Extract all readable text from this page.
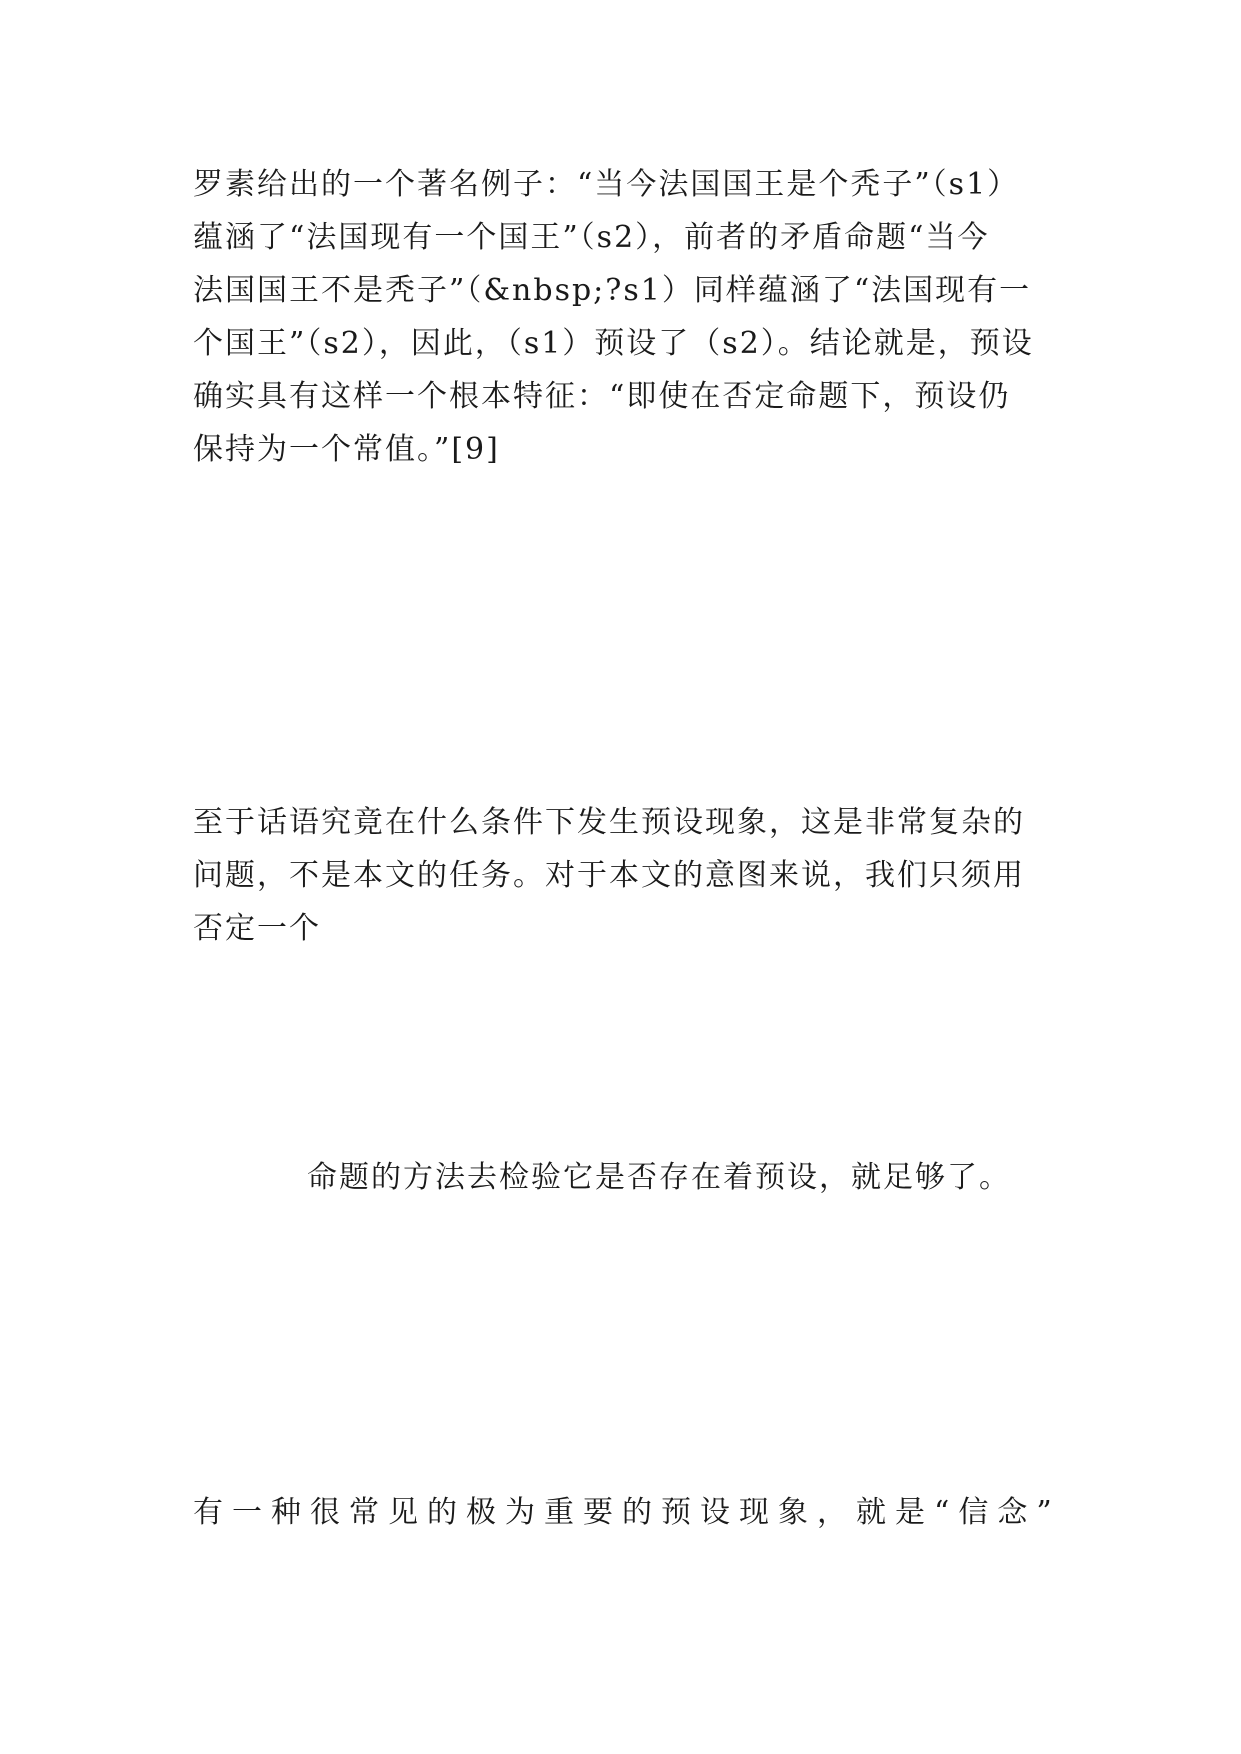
罗素给出的一个著名例子：“当今法国国王是个秃子”（s1）
蕴涵了“法国现有一个国王”（s2），前者的矛盾命题“当今
法国国王不是秃子”（&nbsp;?s1）同样蕴涵了“法国现有一
个国王”（s2），因此，（s1）预设了（s2）。结论就是，预设
确实具有这样一个根本特征：“即使在否定命题下，预设仍
保持为一个常值。”[9]
至于话语究竟在什么条件下发生预设现象，这是非常复杂的
问题，不是本文的任务。对于本文的意图来说，我们只须用
否定一个
命题的方法去检验它是否存在着预设，就足够了。
有一种很常见的极为重要的预设现象，就是“信念”
